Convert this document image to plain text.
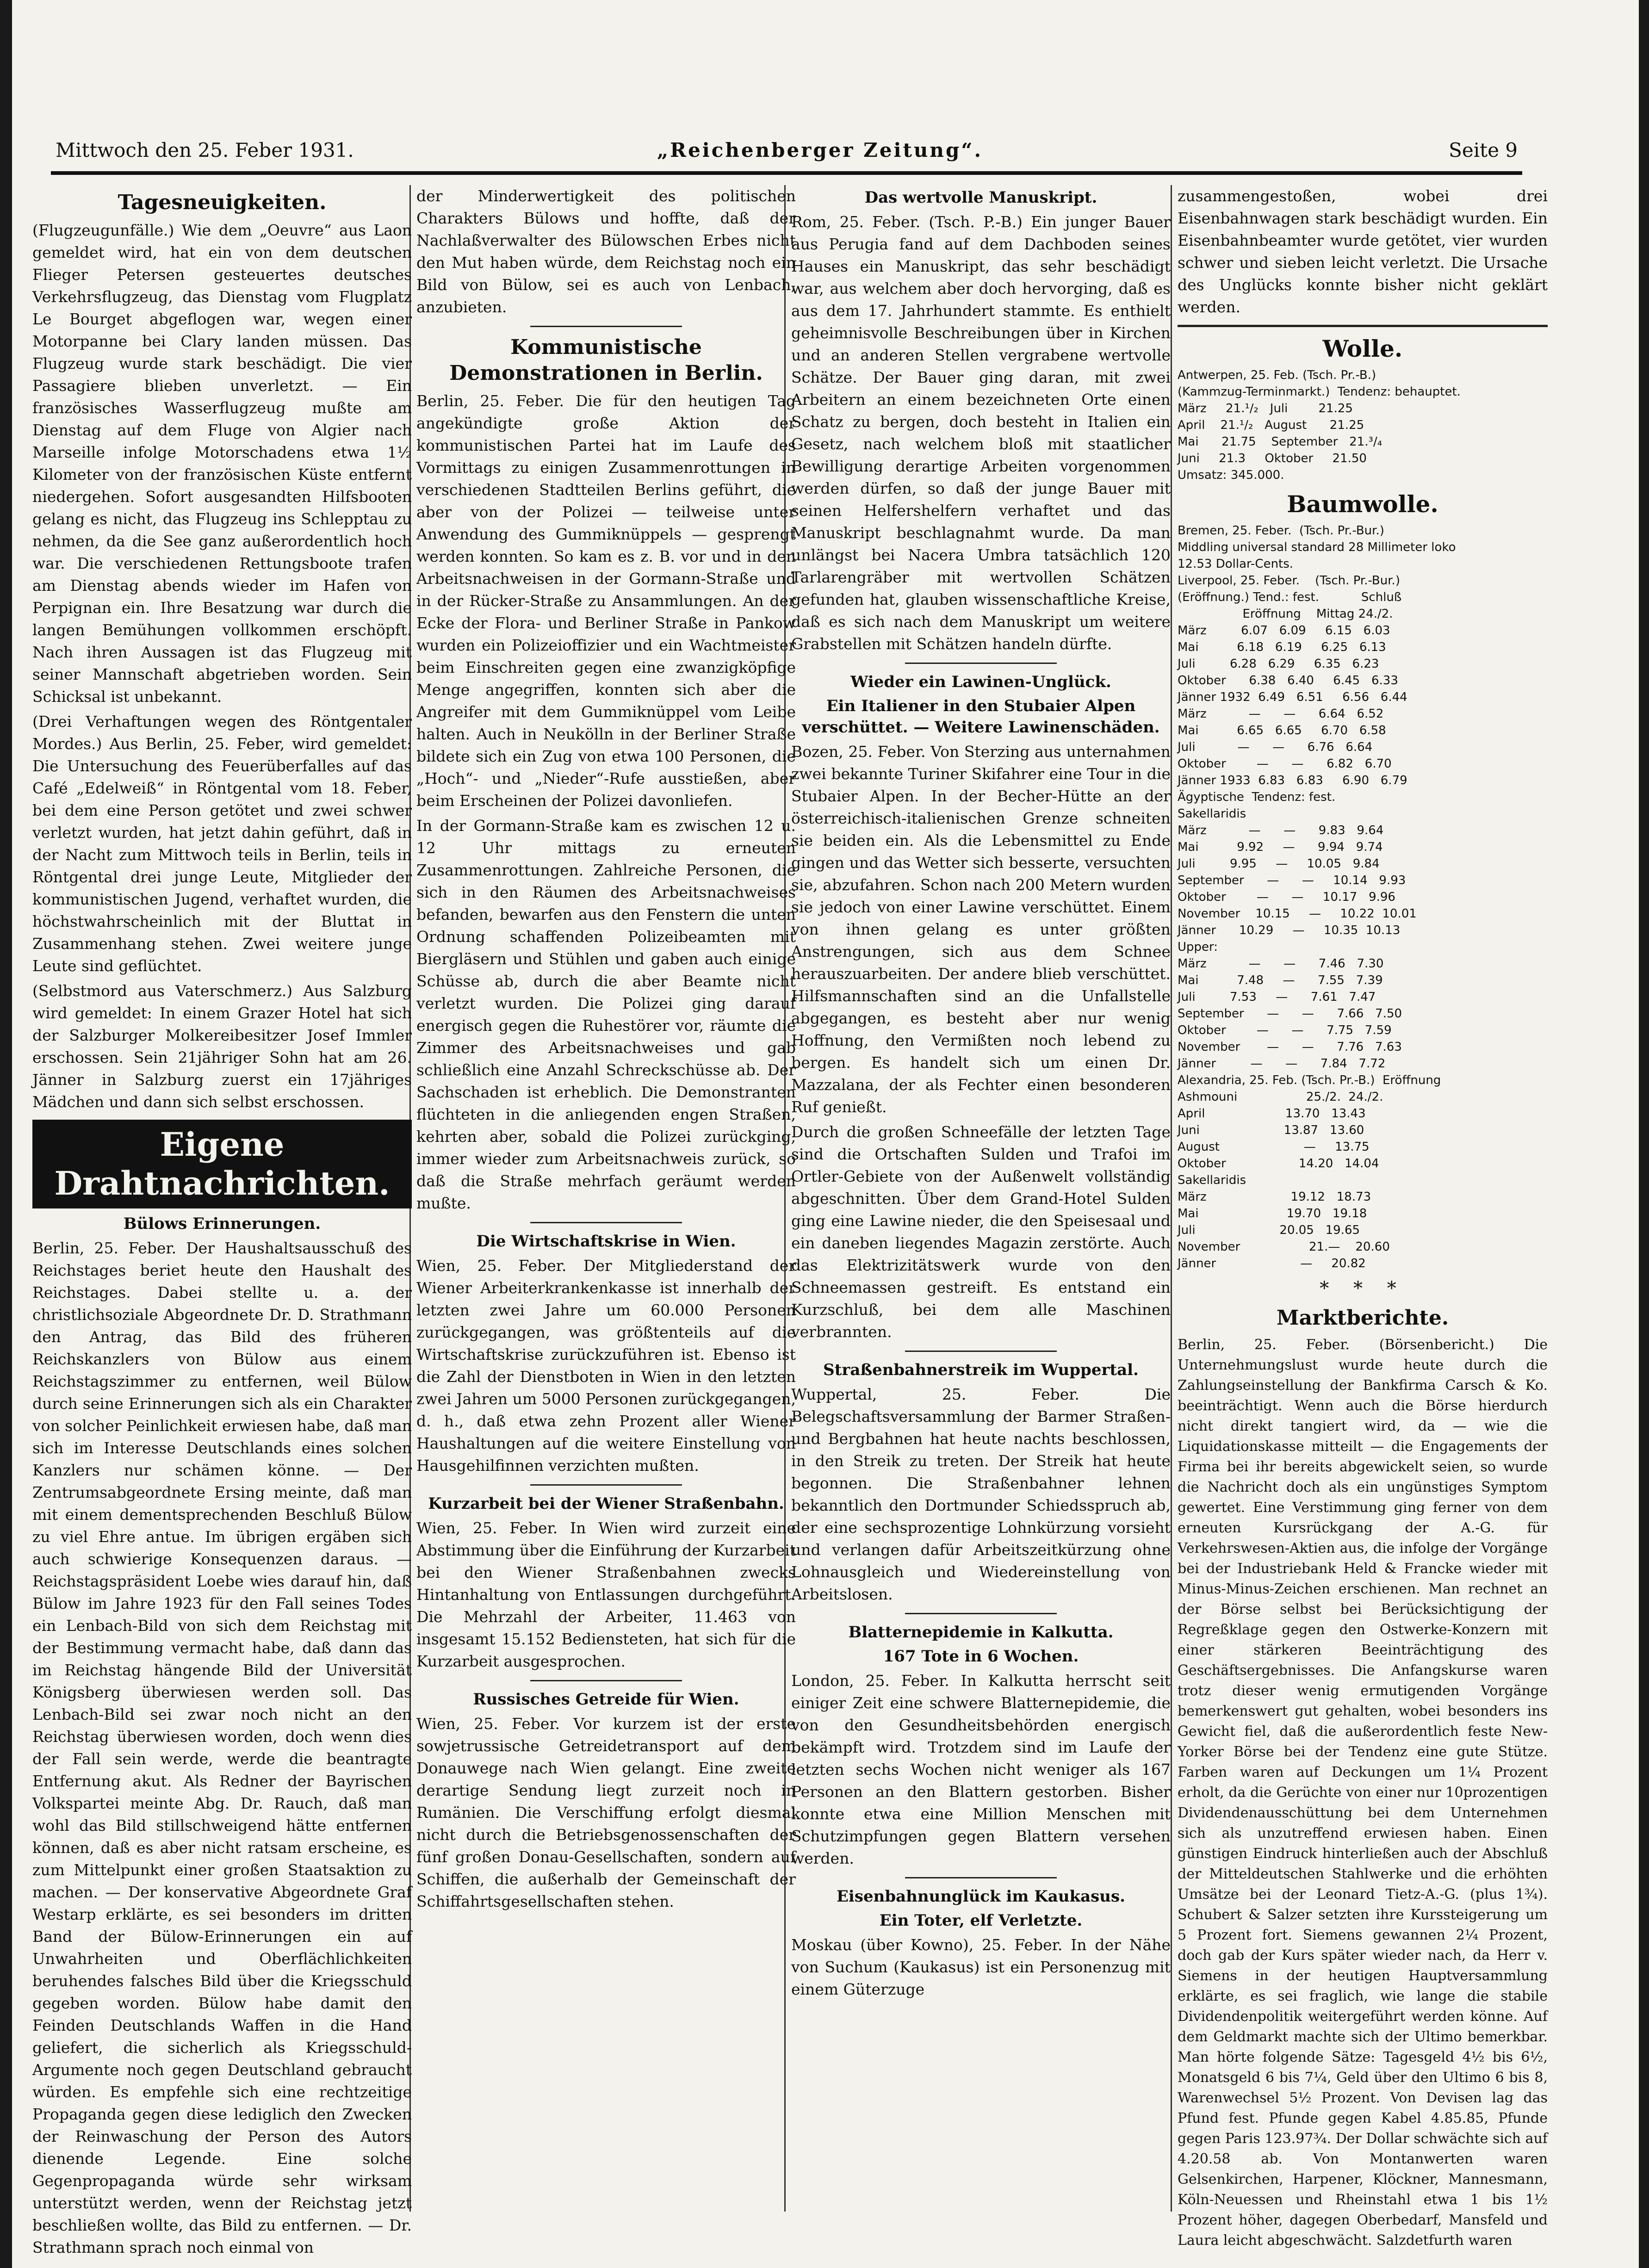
Mittwoch den 25. Feber 1931.	„Reichenberger Zeitung“.	Seite 9
Tagesneuigkeiten.

(Flugzeugunfälle.) Wie dem „Oeuvre“ aus Laon gemeldet wird, hat ein von dem deutschen Flieger Petersen gesteuertes deutsches Verkehrsflugzeug, das Dienstag vom Flugplatz Le Bourget abgeflogen war, wegen einer Motorpanne bei Clary landen müssen. Das Flugzeug wurde stark beschädigt. Die vier Passagiere blieben unverletzt. — Ein französisches Wasserflugzeug mußte am Dienstag auf dem Fluge von Algier nach Marseille infolge Motorschadens etwa 1½ Kilometer von der französischen Küste entfernt niedergehen. Sofort ausgesandten Hilfsbooten gelang es nicht, das Flugzeug ins Schlepptau zu nehmen, da die See ganz außerordentlich hoch war. Die verschiedenen Rettungsboote trafen am Dienstag abends wieder im Hafen von Perpignan ein. Ihre Besatzung war durch die langen Bemühungen vollkommen erschöpft. Nach ihren Aussagen ist das Flugzeug mit seiner Mannschaft abgetrieben worden. Sein Schicksal ist unbekannt.

(Drei Verhaftungen wegen des Röntgentaler Mordes.) Aus Berlin, 25. Feber, wird gemeldet: Die Untersuchung des Feuerüberfalles auf das Café „Edelweiß“ in Röntgental vom 18. Feber, bei dem eine Person getötet und zwei schwer verletzt wurden, hat jetzt dahin geführt, daß in der Nacht zum Mittwoch teils in Berlin, teils in Röntgental drei junge Leute, Mitglieder der kommunistischen Jugend, verhaftet wurden, die höchstwahrscheinlich mit der Bluttat in Zusammenhang stehen. Zwei weitere junge Leute sind geflüchtet.

(Selbstmord aus Vaterschmerz.) Aus Salzburg wird gemeldet: In einem Grazer Hotel hat sich der Salzburger Molkereibesitzer Josef Immler erschossen. Sein 21jähriger Sohn hat am 26. Jänner in Salzburg zuerst ein 17jähriges Mädchen und dann sich selbst erschossen.

Eigene Drahtnachrichten.
Bülows Erinnerungen.

Berlin, 25. Feber. Der Haushaltsausschuß des Reichstages beriet heute den Haushalt des Reichstages. Dabei stellte u. a. der christlichsoziale Abgeordnete Dr. D. Strathmann den Antrag, das Bild des früheren Reichskanzlers von Bülow aus einem Reichstagszimmer zu entfernen, weil Bülow durch seine Erinnerungen sich als ein Charakter von solcher Peinlichkeit erwiesen habe, daß man sich im Interesse Deutschlands eines solchen Kanzlers nur schämen könne. — Der Zentrumsabgeordnete Ersing meinte, daß man mit einem dementsprechenden Beschluß Bülow zu viel Ehre antue. Im übrigen ergäben sich auch schwierige Konsequenzen daraus. — Reichstagspräsident Loebe wies darauf hin, daß Bülow im Jahre 1923 für den Fall seines Todes ein Lenbach-Bild von sich dem Reichstag mit der Bestimmung vermacht habe, daß dann das im Reichstag hängende Bild der Universität Königsberg überwiesen werden soll. Das Lenbach-Bild sei zwar noch nicht an den Reichstag überwiesen worden, doch wenn dies der Fall sein werde, werde die beantragte Entfernung akut. Als Redner der Bayrischen Volkspartei meinte Abg. Dr. Rauch, daß man wohl das Bild stillschweigend hätte entfernen können, daß es aber nicht ratsam erscheine, es zum Mittelpunkt einer großen Staatsaktion zu machen. — Der konservative Abgeordnete Graf Westarp erklärte, es sei besonders im dritten Band der Bülow-Erinnerungen ein auf Unwahrheiten und Oberflächlichkeiten beruhendes falsches Bild über die Kriegsschuld gegeben worden. Bülow habe damit den Feinden Deutschlands Waffen in die Hand geliefert, die sicherlich als Kriegsschuld-Argumente noch gegen Deutschland gebraucht würden. Es empfehle sich eine rechtzeitige Propaganda gegen diese lediglich den Zwecken der Reinwaschung der Person des Autors dienende Legende. Eine solche Gegenpropaganda würde sehr wirksam unterstützt werden, wenn der Reichstag jetzt beschließen wollte, das Bild zu entfernen. — Dr. Strathmann sprach noch einmal von

der Minderwertigkeit des politischen Charakters Bülows und hoffte, daß der Nachlaßverwalter des Bülowschen Erbes nicht den Mut haben würde, dem Reichstag noch ein Bild von Bülow, sei es auch von Lenbach, anzubieten.

Kommunistische Demonstrationen in Berlin.

Berlin, 25. Feber. Die für den heutigen Tag angekündigte große Aktion der kommunistischen Partei hat im Laufe des Vormittags zu einigen Zusammenrottungen in verschiedenen Stadtteilen Berlins geführt, die aber von der Polizei — teilweise unter Anwendung des Gummiknüppels — gesprengt werden konnten. So kam es z. B. vor und in den Arbeitsnachweisen in der Gormann-Straße und in der Rücker-Straße zu Ansammlungen. An der Ecke der Flora- und Berliner Straße in Pankow wurden ein Polizeioffizier und ein Wachtmeister beim Einschreiten gegen eine zwanzigköpfige Menge angegriffen, konnten sich aber die Angreifer mit dem Gummiknüppel vom Leibe halten. Auch in Neukölln in der Berliner Straße bildete sich ein Zug von etwa 100 Personen, die „Hoch“- und „Nieder“-Rufe ausstießen, aber beim Erscheinen der Polizei davonliefen.

In der Gormann-Straße kam es zwischen 12 u. 12 Uhr mittags zu erneuten Zusammenrottungen. Zahlreiche Personen, die sich in den Räumen des Arbeitsnachweises befanden, bewarfen aus den Fenstern die unten Ordnung schaffenden Polizeibeamten mit Biergläsern und Stühlen und gaben auch einige Schüsse ab, durch die aber Beamte nicht verletzt wurden. Die Polizei ging darauf energisch gegen die Ruhestörer vor, räumte die Zimmer des Arbeitsnachweises und gab schließlich eine Anzahl Schreckschüsse ab. Der Sachschaden ist erheblich. Die Demonstranten flüchteten in die anliegenden engen Straßen, kehrten aber, sobald die Polizei zurückging, immer wieder zum Arbeitsnachweis zurück, so daß die Straße mehrfach geräumt werden mußte.

Die Wirtschaftskrise in Wien.

Wien, 25. Feber. Der Mitgliederstand der Wiener Arbeiterkrankenkasse ist innerhalb der letzten zwei Jahre um 60.000 Personen zurückgegangen, was größtenteils auf die Wirtschaftskrise zurückzuführen ist. Ebenso ist die Zahl der Dienstboten in Wien in den letzten zwei Jahren um 5000 Personen zurückgegangen, d. h., daß etwa zehn Prozent aller Wiener Haushaltungen auf die weitere Einstellung von Hausgehilfinnen verzichten mußten.

Kurzarbeit bei der Wiener Straßenbahn.

Wien, 25. Feber. In Wien wird zurzeit eine Abstimmung über die Einführung der Kurzarbeit bei den Wiener Straßenbahnen zwecks Hintanhaltung von Entlassungen durchgeführt. Die Mehrzahl der Arbeiter, 11.463 von insgesamt 15.152 Bediensteten, hat sich für die Kurzarbeit ausgesprochen.

Russisches Getreide für Wien.

Wien, 25. Feber. Vor kurzem ist der erste sowjetrussische Getreidetransport auf dem Donauwege nach Wien gelangt. Eine zweite derartige Sendung liegt zurzeit noch in Rumänien. Die Verschiffung erfolgt diesmal nicht durch die Betriebsgenossenschaften der fünf großen Donau-Gesellschaften, sondern auf Schiffen, die außerhalb der Gemeinschaft der Schiffahrtsgesellschaften stehen.

Das wertvolle Manuskript.

Rom, 25. Feber. (Tsch. P.-B.) Ein junger Bauer aus Perugia fand auf dem Dachboden seines Hauses ein Manuskript, das sehr beschädigt war, aus welchem aber doch hervorging, daß es aus dem 17. Jahrhundert stammte. Es enthielt geheimnisvolle Beschreibungen über in Kirchen und an anderen Stellen vergrabene wertvolle Schätze. Der Bauer ging daran, mit zwei Arbeitern an einem bezeichneten Orte einen Schatz zu bergen, doch besteht in Italien ein Gesetz, nach welchem bloß mit staatlicher Bewilligung derartige Arbeiten vorgenommen werden dürfen, so daß der junge Bauer mit seinen Helfershelfern verhaftet und das Manuskript beschlagnahmt wurde. Da man unlängst bei Nacera Umbra tatsächlich 120 Tarlarengräber mit wertvollen Schätzen gefunden hat, glauben wissenschaftliche Kreise, daß es sich nach dem Manuskript um weitere Grabstellen mit Schätzen handeln dürfte.

Wieder ein Lawinen-Unglück.
Ein Italiener in den Stubaier Alpen verschüttet. — Weitere Lawinenschäden.

Bozen, 25. Feber. Von Sterzing aus unternahmen zwei bekannte Turiner Skifahrer eine Tour in die Stubaier Alpen. In der Becher-Hütte an der österreichisch-italienischen Grenze schneiten sie beiden ein. Als die Lebensmittel zu Ende gingen und das Wetter sich besserte, versuchten sie, abzufahren. Schon nach 200 Metern wurden sie jedoch von einer Lawine verschüttet. Einem von ihnen gelang es unter größten Anstrengungen, sich aus dem Schnee herauszuarbeiten. Der andere blieb verschüttet. Hilfsmannschaften sind an die Unfallstelle abgegangen, es besteht aber nur wenig Hoffnung, den Vermißten noch lebend zu bergen. Es handelt sich um einen Dr. Mazzalana, der als Fechter einen besonderen Ruf genießt.

Durch die großen Schneefälle der letzten Tage sind die Ortschaften Sulden und Trafoi im Ortler-Gebiete von der Außenwelt vollständig abgeschnitten. Über dem Grand-Hotel Sulden ging eine Lawine nieder, die den Speisesaal und ein daneben liegendes Magazin zerstörte. Auch das Elektrizitätswerk wurde von den Schneemassen gestreift. Es entstand ein Kurzschluß, bei dem alle Maschinen verbrannten.

Straßenbahnerstreik im Wuppertal.

Wuppertal, 25. Feber. Die Belegschaftsversammlung der Barmer Straßen- und Bergbahnen hat heute nachts beschlossen, in den Streik zu treten. Der Streik hat heute begonnen. Die Straßenbahner lehnen bekanntlich den Dortmunder Schiedsspruch ab, der eine sechsprozentige Lohnkürzung vorsieht und verlangen dafür Arbeitszeitkürzung ohne Lohnausgleich und Wiedereinstellung von Arbeitslosen.

Blatternepidemie in Kalkutta.
167 Tote in 6 Wochen.

London, 25. Feber. In Kalkutta herrscht seit einiger Zeit eine schwere Blatternepidemie, die von den Gesundheitsbehörden energisch bekämpft wird. Trotzdem sind im Laufe der letzten sechs Wochen nicht weniger als 167 Personen an den Blattern gestorben. Bisher konnte etwa eine Million Menschen mit Schutzimpfungen gegen Blattern versehen werden.

Eisenbahnunglück im Kaukasus.
Ein Toter, elf Verletzte.

Moskau (über Kowno), 25. Feber. In der Nähe von Suchum (Kaukasus) ist ein Personenzug mit einem Güterzuge

zusammengestoßen, wobei drei Eisenbahnwagen stark beschädigt wurden. Ein Eisenbahnbeamter wurde getötet, vier wurden schwer und sieben leicht verletzt. Die Ursache des Unglücks konnte bisher nicht geklärt werden.

Wolle.
Antwerpen, 25. Feb. (Tsch. Pr.-B.)
(Kammzug-Terminmarkt.)  Tendenz: behauptet.
März     21.¹/₂   Juli        21.25
April    21.¹/₂   August      21.25
Mai      21.75    September   21.³/₄
Juni     21.3     Oktober     21.50
Umsatz: 345.000.
Baumwolle.
Bremen, 25. Feber.  (Tsch. Pr.-Bur.)
Middling universal standard 28 Millimeter loko
12.53 Dollar-Cents.
Liverpool, 25. Feber.    (Tsch. Pr.-Bur.)
(Eröffnung.) Tend.: fest.           Schluß
Eröffnung    Mittag 24./2.
März         6.07   6.09     6.15   6.03
Mai          6.18   6.19     6.25   6.13
Juli         6.28   6.29     6.35   6.23
Oktober      6.38   6.40     6.45   6.33
Jänner 1932  6.49   6.51     6.56   6.44
März           —      —      6.64   6.52
Mai          6.65   6.65     6.70   6.58
Juli           —      —      6.76   6.64
Oktober        —      —      6.82   6.70
Jänner 1933  6.83   6.83     6.90   6.79
Ägyptische  Tendenz: fest.
Sakellaridis
März           —      —      9.83   9.64
Mai          9.92     —      9.94   9.74
Juli         9.95     —     10.05   9.84
September      —      —     10.14   9.93
Oktober        —      —     10.17   9.96
November    10.15     —     10.22  10.01
Jänner      10.29     —     10.35  10.13
Upper:
März           —      —      7.46   7.30
Mai          7.48     —      7.55   7.39
Juli         7.53     —      7.61   7.47
September      —      —      7.66   7.50
Oktober        —      —      7.75   7.59
November       —      —      7.76   7.63
Jänner         —      —      7.84   7.72
Alexandria, 25. Feb. (Tsch. Pr.-B.)  Eröffnung
Ashmouni                  25./2.  24./2.
April                     13.70   13.43
Juni                      13.87   13.60
August                      —     13.75
Oktober                   14.20   14.04
Sakellaridis
März                      19.12   18.73
Mai                       19.70   19.18
Juli                      20.05   19.65
November                  21.—    20.60
Jänner                      —     20.82
* * *
Marktberichte.

Berlin, 25. Feber. (Börsenbericht.) Die Unternehmungslust wurde heute durch die Zahlungseinstellung der Bankfirma Carsch & Ko. beeinträchtigt. Wenn auch die Börse hierdurch nicht direkt tangiert wird, da — wie die Liquidationskasse mitteilt — die Engagements der Firma bei ihr bereits abgewickelt seien, so wurde die Nachricht doch als ein ungünstiges Symptom gewertet. Eine Verstimmung ging ferner von dem erneuten Kursrückgang der A.-G. für Verkehrswesen-Aktien aus, die infolge der Vorgänge bei der Industriebank Held & Francke wieder mit Minus-Minus-Zeichen erschienen. Man rechnet an der Börse selbst bei Berücksichtigung der Regreßklage gegen den Ostwerke-Konzern mit einer stärkeren Beeinträchtigung des Geschäftsergebnisses. Die Anfangskurse waren trotz dieser wenig ermutigenden Vorgänge bemerkenswert gut gehalten, wobei besonders ins Gewicht fiel, daß die außerordentlich feste New-Yorker Börse bei der Tendenz eine gute Stütze. Farben waren auf Deckungen um 1¼ Prozent erholt, da die Gerüchte von einer nur 10prozentigen Dividendenausschüttung bei dem Unternehmen sich als unzutreffend erwiesen haben. Einen günstigen Eindruck hinterließen auch der Abschluß der Mitteldeutschen Stahlwerke und die erhöhten Umsätze bei der Leonard Tietz-A.-G. (plus 1¾). Schubert & Salzer setzten ihre Kurssteigerung um 5 Prozent fort. Siemens gewannen 2¼ Prozent, doch gab der Kurs später wieder nach, da Herr v. Siemens in der heutigen Hauptversammlung erklärte, es sei fraglich, wie lange die stabile Dividendenpolitik weitergeführt werden könne. Auf dem Geldmarkt machte sich der Ultimo bemerkbar. Man hörte folgende Sätze: Tagesgeld 4½ bis 6½, Monatsgeld 6 bis 7¼, Geld über den Ultimo 6 bis 8, Warenwechsel 5½ Prozent. Von Devisen lag das Pfund fest. Pfunde gegen Kabel 4.85.85, Pfunde gegen Paris 123.97¾. Der Dollar schwächte sich auf 4.20.58 ab. Von Montanwerten waren Gelsenkirchen, Harpener, Klöckner, Mannesmann, Köln-Neuessen und Rheinstahl etwa 1 bis 1½ Prozent höher, dagegen Oberbedarf, Mansfeld und Laura leicht abgeschwächt. Salzdetfurth waren
